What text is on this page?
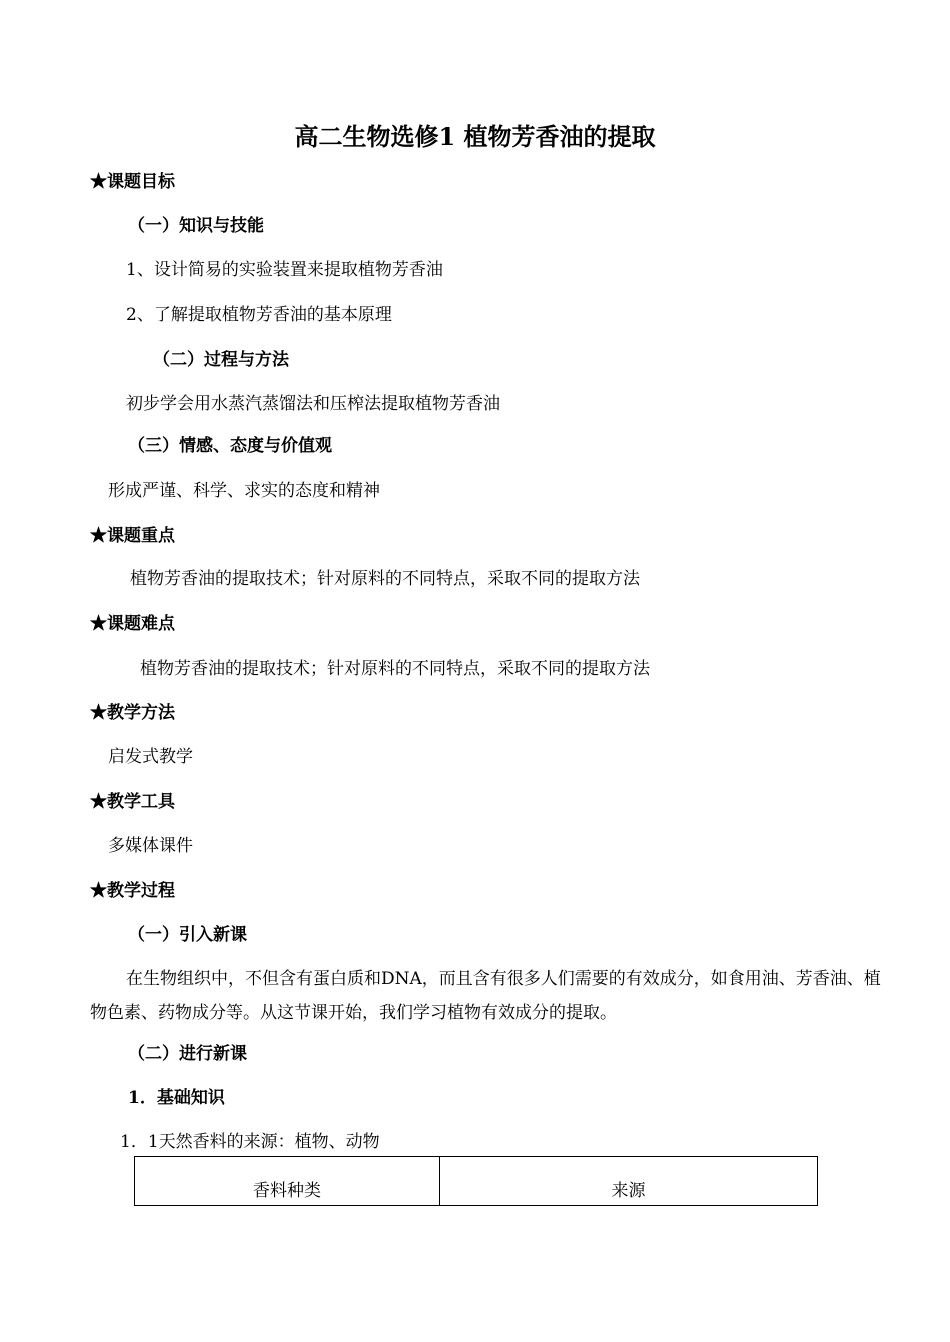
高二生物选修1 植物芳香油的提取
★课题目标
（一）知识与技能
1、设计简易的实验装置来提取植物芳香油
2、了解提取植物芳香油的基本原理
（二）过程与方法
初步学会用水蒸汽蒸馏法和压榨法提取植物芳香油
（三）情感、态度与价值观
形成严谨、科学、求实的态度和精神
★课题重点
植物芳香油的提取技术；针对原料的不同特点，采取不同的提取方法
★课题难点
植物芳香油的提取技术；针对原料的不同特点，采取不同的提取方法
★教学方法
启发式教学
★教学工具
多媒体课件
★教学过程
（一）引入新课
在生物组织中，不但含有蛋白质和DNA，而且含有很多人们需要的有效成分，如食用油、芳香油、植物色素、药物成分等。从这节课开始，我们学习植物有效成分的提取。
（二）进行新课
1．基础知识
1．1天然香料的来源：植物、动物
香料种类	来源
